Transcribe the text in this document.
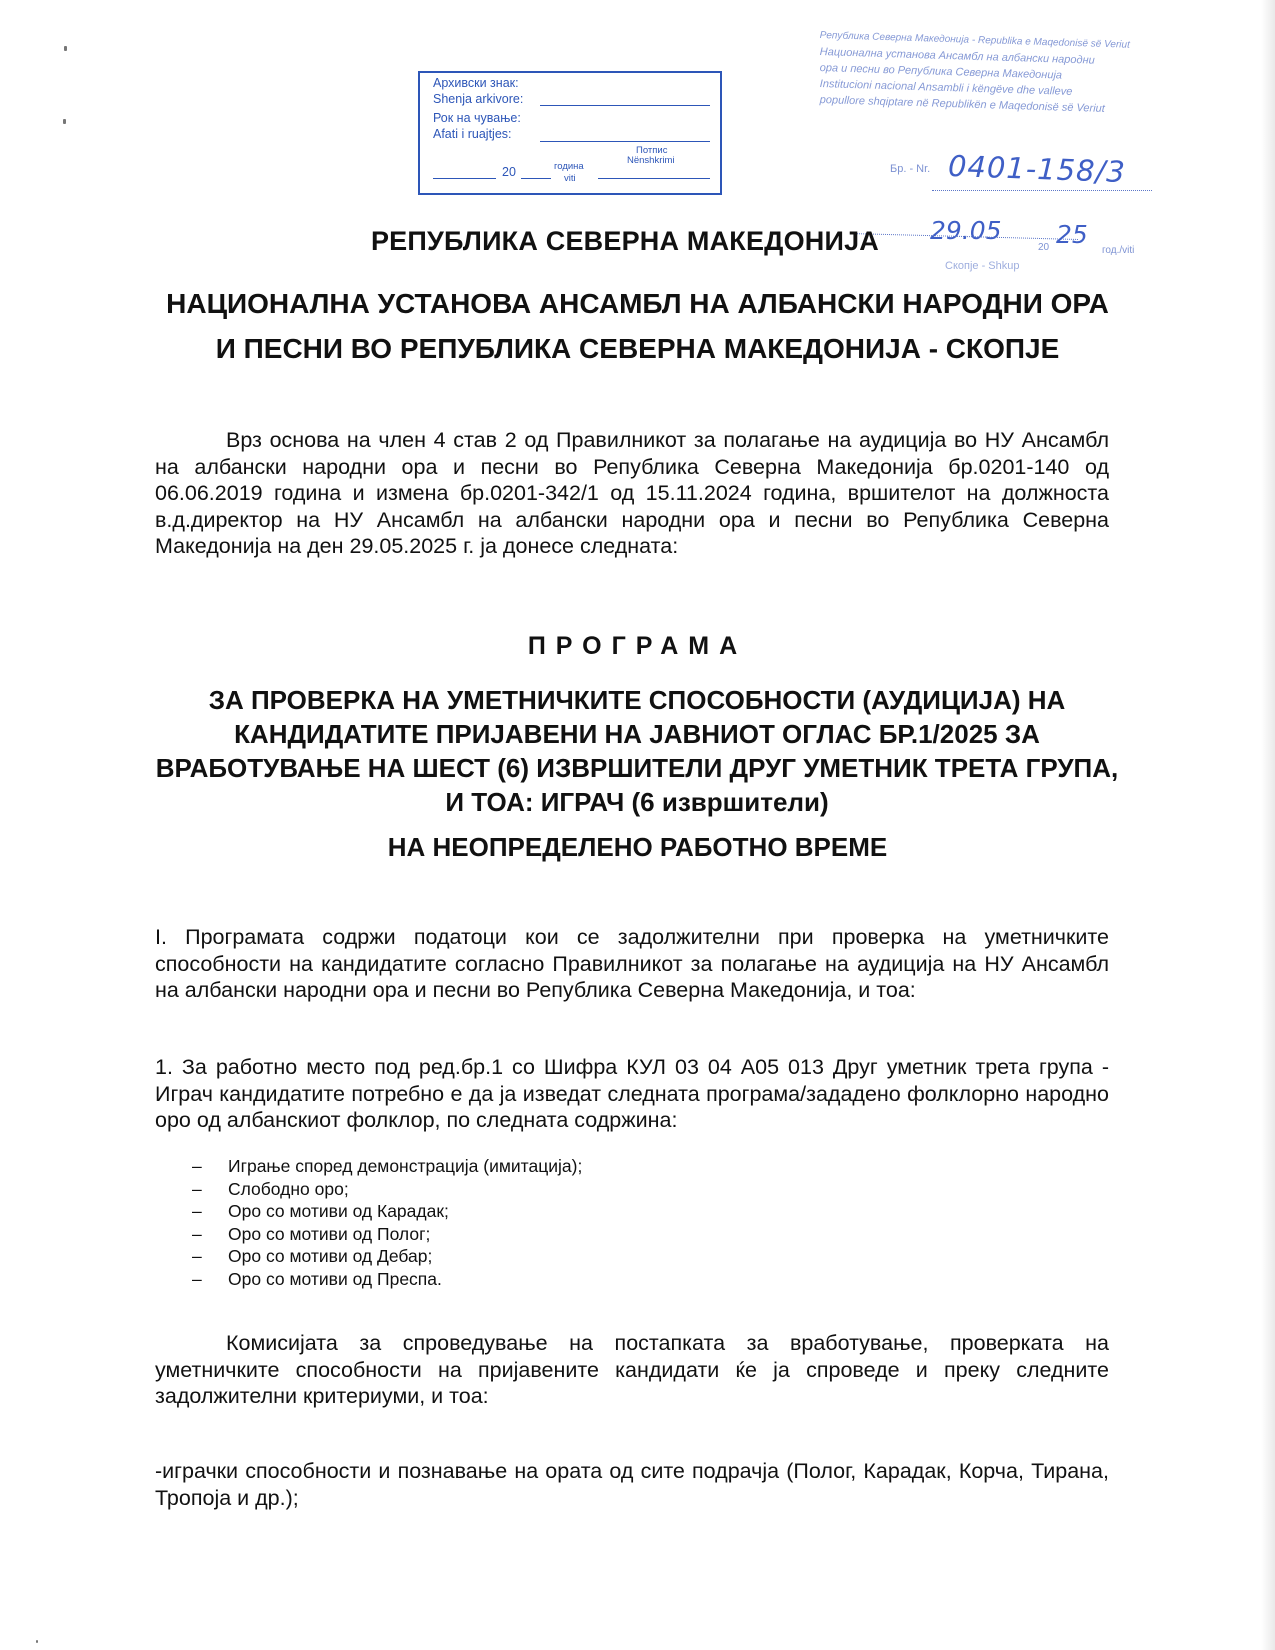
Архивски знак:
Shenja arkivore:
Рок на чување:
Afati i ruajtjes:
Потпис
Nënshkrimi
20	година
viti
Република Северна Македонија - Republika e Maqedonisë së Veriut
Национална установа Ансамбл на албански народни
ора и песни во Република Северна Македонија
Institucioni nacional Ansambli i këngëve dhe valleve
popullore shqiptare në Republikën e Maqedonisë së Veriut
Бр. - Nr. 0401-158/3
29.05
20 25
год./viti
Скопје - Shkup
РЕПУБЛИКА СЕВЕРНА МАКЕДОНИЈА
НАЦИОНАЛНА УСТАНОВА АНСАМБЛ НА АЛБАНСКИ НАРОДНИ ОРА
И ПЕСНИ ВО РЕПУБЛИКА СЕВЕРНА МАКЕДОНИЈА - СКОПЈЕ
Врз основа на член 4 став 2 од Правилникот за полагање на аудиција во НУ Ансамбл на албански народни ора и песни во Република Северна Македонија бр.0201-140 од 06.06.2019 година и измена бр.0201-342/1 од 15.11.2024 година, вршителот на должноста в.д.директор на НУ Ансамбл на албански народни ора и песни во Република Северна Македонија на ден 29.05.2025 г. ја донесе следната:
ПРОГРАМА
ЗА ПРОВЕРКА НА УМЕТНИЧКИТЕ СПОСОБНОСТИ (АУДИЦИЈА) НА КАНДИДАТИТЕ ПРИЈАВЕНИ НА ЈАВНИОТ ОГЛАС БР.1/2025 ЗА ВРАБОТУВАЊЕ НА ШЕСТ (6) ИЗВРШИТЕЛИ ДРУГ УМЕТНИК ТРЕТА ГРУПА, И ТОА: ИГРАЧ (6 извршители)
НА НЕОПРЕДЕЛЕНО РАБОТНО ВРЕМЕ
I. Програмата содржи податоци кои се задолжителни при проверка на уметничките способности на кандидатите согласно Правилникот за полагање на аудиција на НУ Ансамбл на албански народни ора и песни во Република Северна Македонија, и тоа:
1. За работно место под ред.бр.1 со Шифра КУЛ 03 04 А05 013 Друг уметник трета група - Играч кандидатите потребно е да ја изведат следната програма/зададено фолклорно народно оро од албанскиот фолклор, по следната содржина:
– Играње според демонстрација (имитација);
– Слободно оро;
– Оро со мотиви од Карадак;
– Оро со мотиви од Полог;
– Оро со мотиви од Дебар;
– Оро со мотиви од Преспа.
Комисијата за спроведување на постапката за вработување, проверката на уметничките способности на пријавените кандидати ќе ја спроведе и преку следните задолжителни критериуми, и тоа:
-играчки способности и познавање на ората од сите подрачја (Полог, Карадак, Корча, Тирана, Тропоја и др.);
